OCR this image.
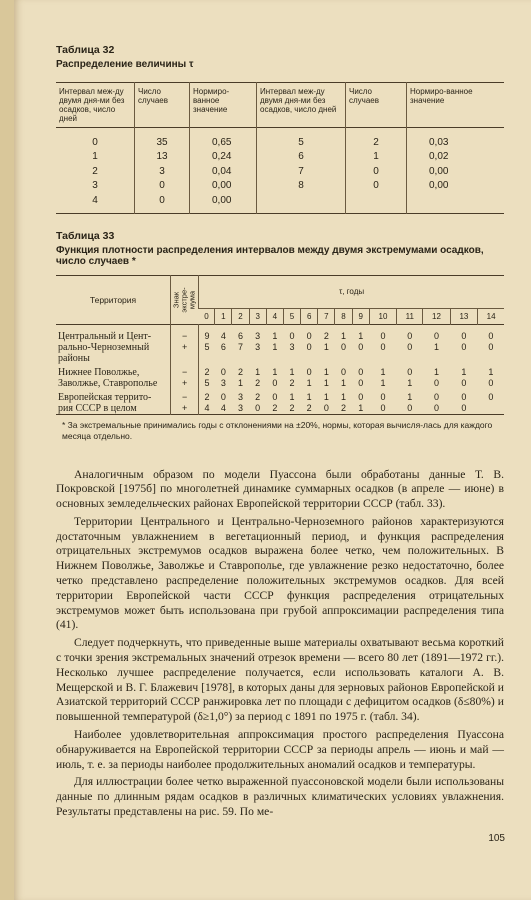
Таблица 32
Распределение величины τ
Интервал меж-ду двумя дня-ми без осадков, число дней	Число случаев	Нормиро-ванное значение	Интервал меж-ду двумя дня-ми без осадков, число дней	Число случаев	Нормиро-ванное значение
0	35	0,65	5	2	0,03
1	13	0,24	6	1	0,02
2	3	0,04	7	0	0,00
3	0	0,00	8	0	0,00
4	0	0,00			
Таблица 33
Функция плотности распределения интервалов между двумя экстремумами осадков, число случаев *
Территория	Знак
экстре-
мума	τ, годы														
		0	1	2	3	4	5	6	7	8	9	10	11	12	13	14
Центральный и Цент-	−	9	4	6	3	1	0	0	2	1	1	0	0	0	0	0
рально-Черноземный	+	5	6	7	3	1	3	0	1	0	0	0	0	1	0	0
районы																
Нижнее Поволжье,	−	2	0	2	1	1	1	0	1	0	0	1	0	1	1	1
Заволжье, Ставрополье	+	5	3	1	2	0	2	1	1	1	0	1	1	0	0	0
Европейская террито-	−	2	0	3	2	0	1	1	1	1	0	0	1	0	0	0
рия СССР в целом	+	4	4	3	0	2	2	2	0	2	1	0	0	0	0	
* За экстремальные принимались годы с отклонениями на ±20%, нормы, которая вычисля-лась для каждого месяца отдельно.

Аналогичным образом по модели Пуассона были обработаны данные Т. В. Покровской [1975б] по многолетней динамике суммарных осадков (в апреле — июне) в основных земледельческих районах Европейской территории СССР (табл. 33).

Территории Центрального и Центрально-Черноземного районов характеризуются достаточным увлажнением в вегетационный период, и функция распределения отрицательных экстремумов осадков выражена более четко, чем положительных. В Нижнем Поволжье, Заволжье и Ставрополье, где увлажнение резко недостаточно, более четко представлено распределение положительных экстремумов осадков. Для всей территории Европейской части СССР функция распределения отрицательных экстремумов может быть использована при грубой аппроксимации распределения типа (41).

Следует подчеркнуть, что приведенные выше материалы охватывают весьма короткий с точки зрения экстремальных значений отрезок времени — всего 80 лет (1891—1972 гг.). Несколько лучшее распределение получается, если использовать каталоги А. В. Мещерской и В. Г. Блажевич [1978], в которых даны для зерновых районов Европейской и Азиатской территорий СССР ранжировка лет по площади с дефицитом осадков (δ≤80%) и повышенной температурой (δ≥1,0°) за период с 1891 по 1975 г. (табл. 34).

Наиболее удовлетворительная аппроксимация простого распределения Пуассона обнаруживается на Европейской территории СССР за периоды апрель — июнь и май — июль, т. е. за периоды наиболее продолжительных аномалий осадков и температуры.

Для иллюстрации более четко выраженной пуассоновской модели были использованы данные по длинным рядам осадков в различных климатических условиях увлажнения. Результаты представлены на рис. 59. По ме-

105
